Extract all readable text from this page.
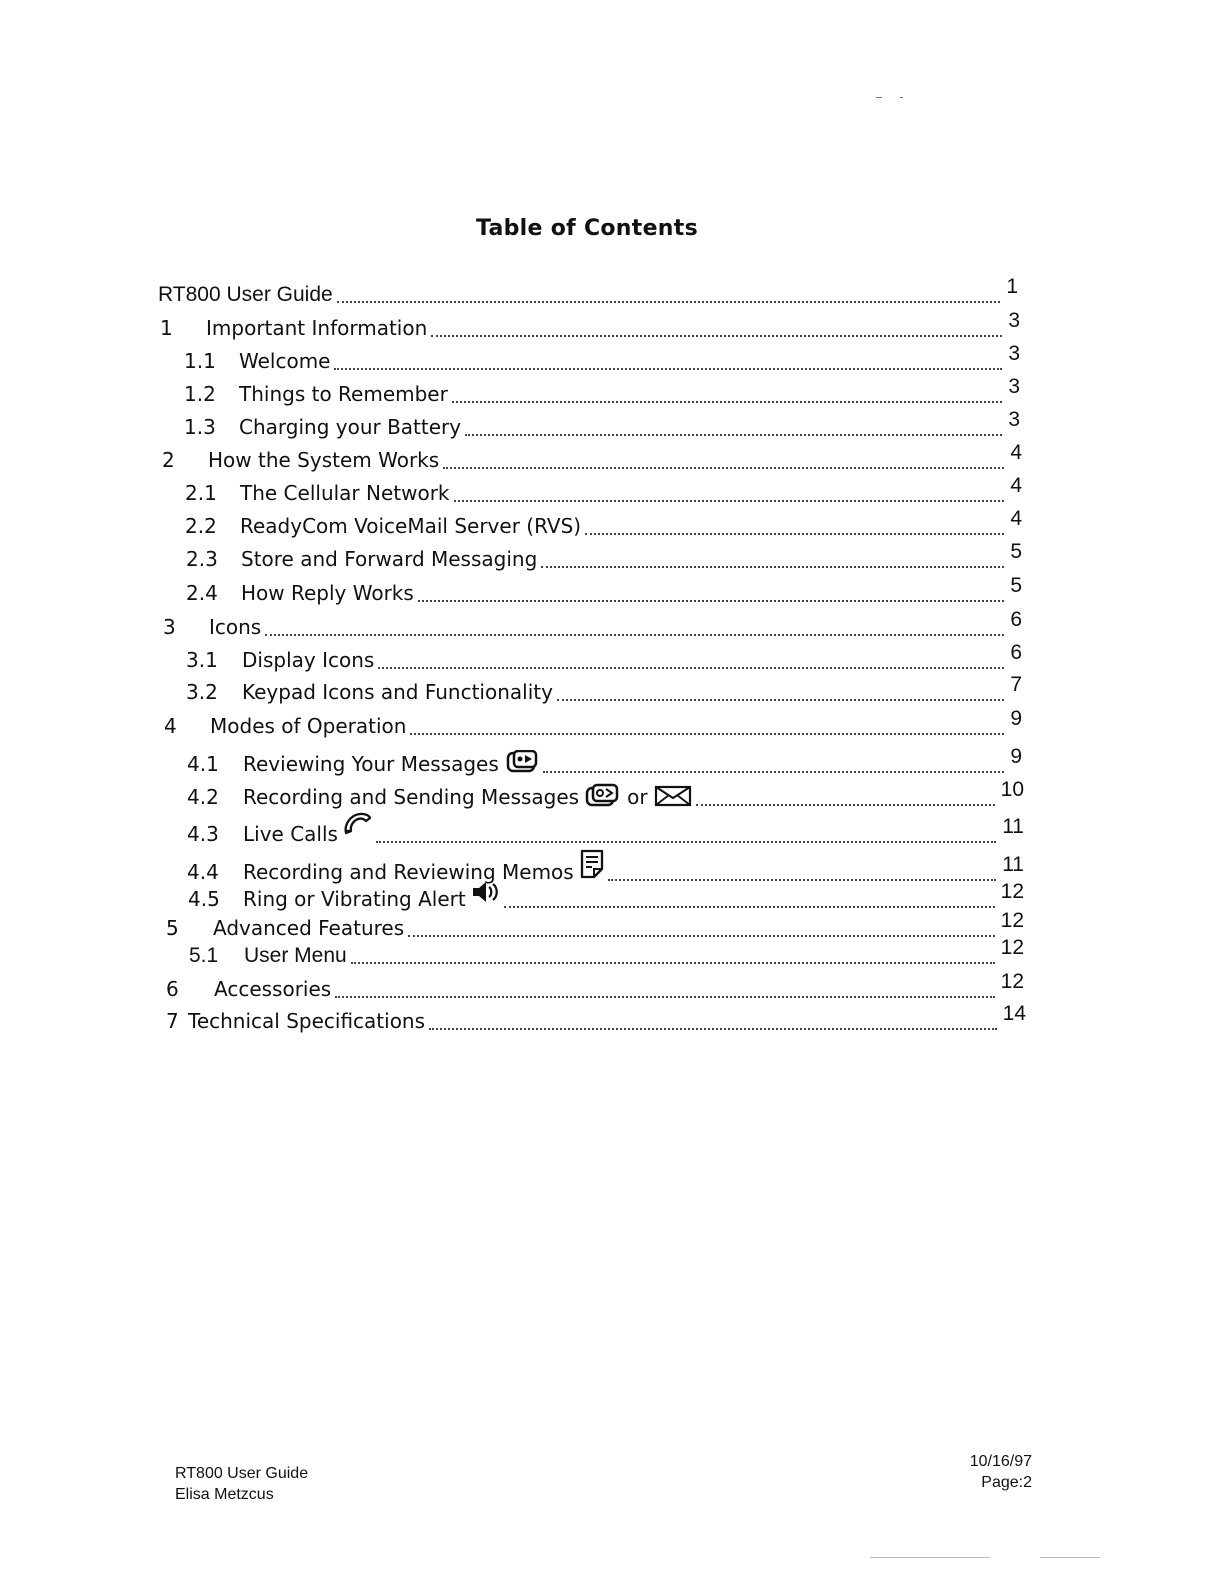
Table of Contents
RT800 User Guide	1
1	Important Information	3
1.1	Welcome	3
1.2	Things to Remember	3
1.3	Charging your Battery	3
2	How the System Works	4
2.1	The Cellular Network	4
2.2	ReadyCom VoiceMail Server (RVS)	4
2.3	Store and Forward Messaging	5
2.4	How Reply Works	5
3	Icons	6
3.1	Display Icons	6
3.2	Keypad Icons and Functionality	7
4	Modes of Operation	9
4.1	Reviewing Your Messages	9
4.2	Recording and Sending Messages or	10
4.3	Live Calls	11
4.4	Recording and Reviewing Memos	11
4.5	Ring or Vibrating Alert	12
5	Advanced Features	12
5.1	User Menu	12
6	Accessories	12
7 Technical Specifications	14
RT800 User Guide
Elisa Metzcus
10/16/97
Page:2
